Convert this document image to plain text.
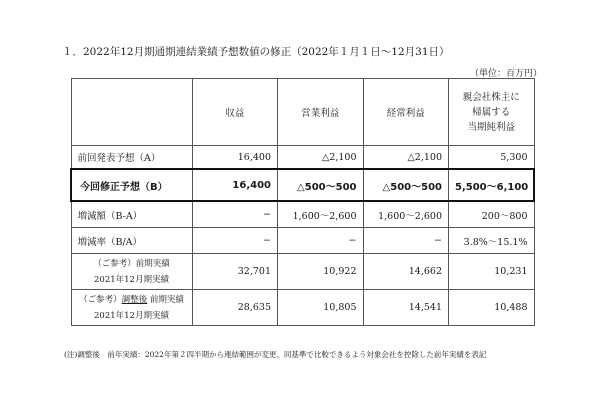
１．2022年12月期通期連結業績予想数値の修正（2022年１月１日〜12月31日）
（単位：百万円）
	収益	営業利益	経常利益	親会社株主に
帰属する
当期純利益
前回発表予想（A）	16,400	△2,100	△2,100	5,300
今回修正予想（B）	16,400	△500〜500	△500〜500	5,500〜6,100
増減額（B-A）	−	1,600〜2,600	1,600〜2,600	200〜800
増減率（B/A）	−	−	−	3.8%〜15.1%
（ご参考）前期実績
2021年12月期実績	32,701	10,922	14,662	10,231
（ご参考）調整後 前期実績
2021年12月期実績	28,635	10,805	14,541	10,488
(注)調整後　前年実績：2022年第２四半期から連結範囲が変更、同基準で比較できるよう対象会社を控除した前年実績を表記
